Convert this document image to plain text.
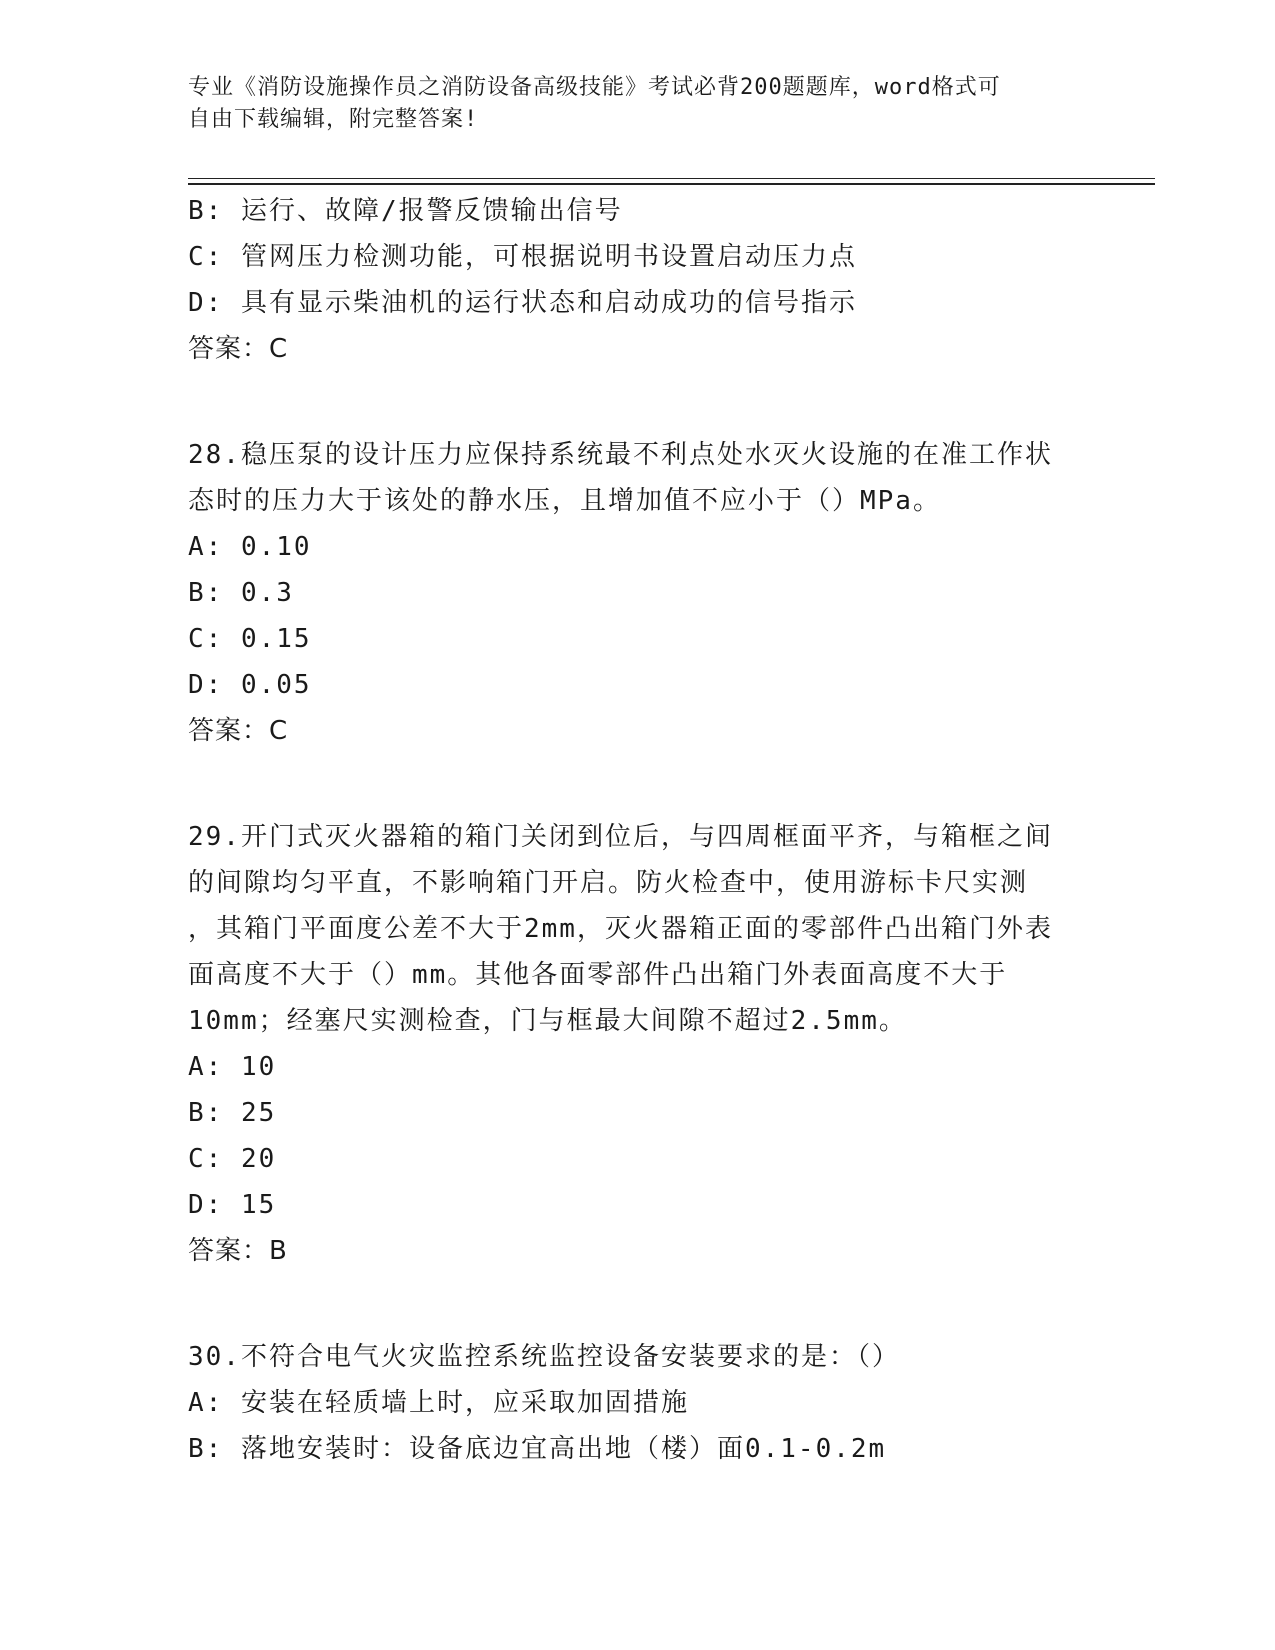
专业《消防设施操作员之消防设备高级技能》考试必背200题题库，word格式可
自由下载编辑，附完整答案!
B: 运行、故障/报警反馈输出信号
C: 管网压力检测功能，可根据说明书设置启动压力点
D: 具有显示柴油机的运行状态和启动成功的信号指示
答案：C
28.稳压泵的设计压力应保持系统最不利点处水灭火设施的在准工作状
态时的压力大于该处的静水压，且增加值不应小于（）MPa。
A: 0.10
B: 0.3
C: 0.15
D: 0.05
答案：C
29.开门式灭火器箱的箱门关闭到位后，与四周框面平齐，与箱框之间
的间隙均匀平直，不影响箱门开启。防火检查中，使用游标卡尺实测
，其箱门平面度公差不大于2mm，灭火器箱正面的零部件凸出箱门外表
面高度不大于（）mm。其他各面零部件凸出箱门外表面高度不大于
10mm；经塞尺实测检查，门与框最大间隙不超过2.5mm。
A: 10
B: 25
C: 20
D: 15
答案：B
30.不符合电气火灾监控系统监控设备安装要求的是：（）
A: 安装在轻质墙上时，应采取加固措施
B: 落地安装时：设备底边宜高出地（楼）面0.1-0.2m
